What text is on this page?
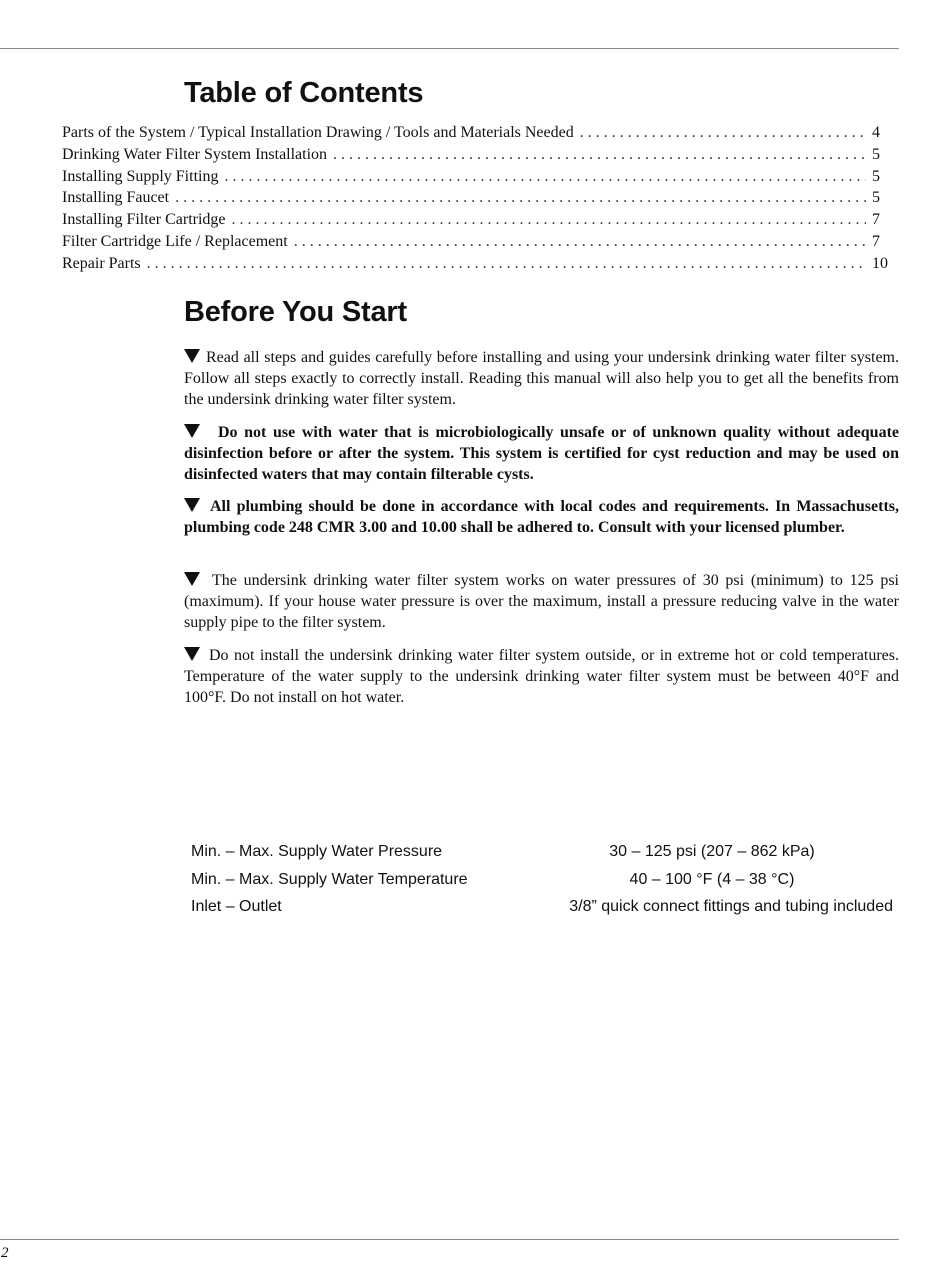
Table of Contents
Parts of the System / Typical Installation Drawing / Tools and Materials Needed . . .	4
Drinking Water Filter System Installation . . .	5
Installing Supply Fitting . . .	5
Installing Faucet . . .	5
Installing Filter Cartridge . . .	7
Filter Cartridge Life / Replacement . . .	7
Repair Parts . . .	10
Before You Start

Read all steps and guides carefully before installing and using your undersink drinking water filter system. Follow all steps exactly to correctly install. Reading this manual will also help you to get all the benefits from the undersink drinking water filter system.

Do not use with water that is microbiologically unsafe or of unknown quality without adequate disinfection before or after the system. This system is certified for cyst reduction and may be used on disinfected waters that may contain filterable cysts.

All plumbing should be done in accordance with local codes and requirements. In Massachusetts, plumbing code 248 CMR 3.00 and 10.00 shall be adhered to. Consult with your licensed plumber.

The undersink drinking water filter system works on water pressures of 30 psi (minimum) to 125 psi (maximum). If your house water pressure is over the maximum, install a pressure reducing valve in the water supply pipe to the filter system.

Do not install the undersink drinking water filter system outside, or in extreme hot or cold temperatures. Temperature of the water supply to the undersink drinking water filter system must be between 40°F and 100°F. Do not install on hot water.

Min. – Max. Supply Water Pressure	30 – 125 psi (207 – 862 kPa)
Min. – Max. Supply Water Temperature	40 – 100 °F (4 – 38 °C)
Inlet – Outlet	3/8” quick connect fittings and tubing included
2
